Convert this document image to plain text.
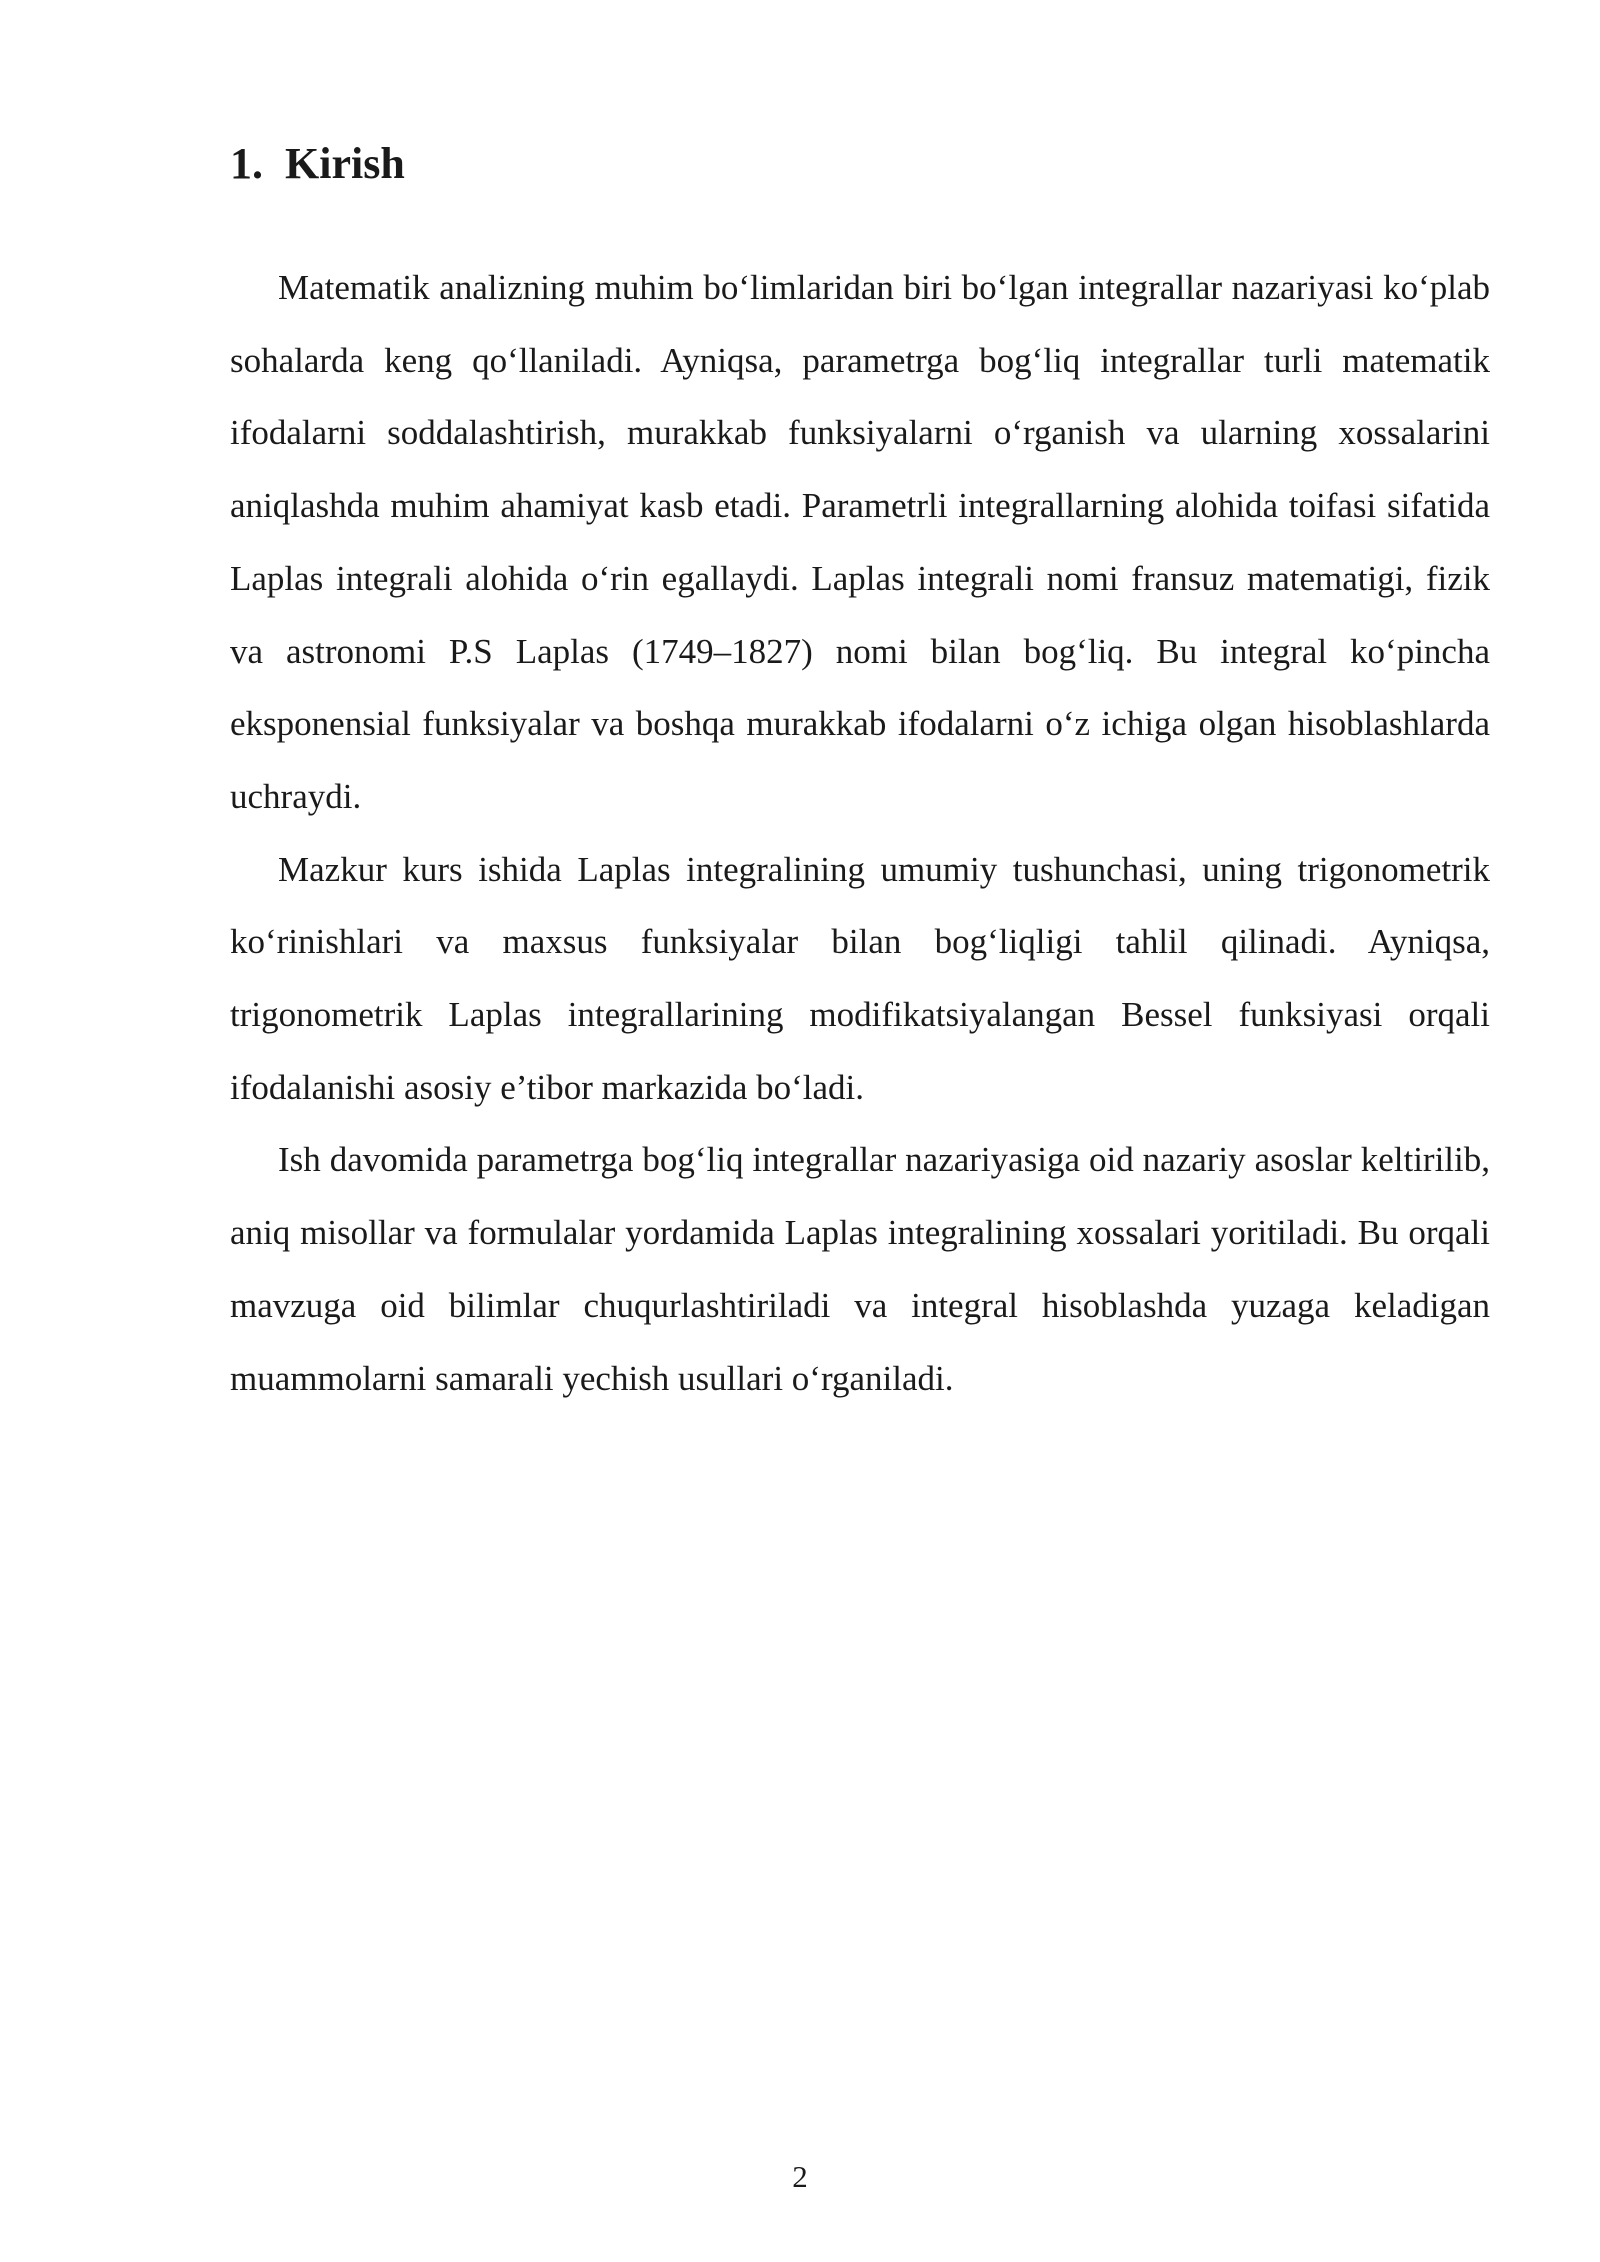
1. Kirish

Matematik analizning muhim bo‘limlaridan biri bo‘lgan integrallar nazariyasi ko‘plab sohalarda keng qo‘llaniladi. Ayniqsa, parametrga bog‘liq integrallar turli matematik ifodalarni soddalashtirish, murakkab funksiyalarni o‘rganish va ularning xossalarini aniqlashda muhim ahamiyat kasb etadi. Parametrli integrallarning alohida toifasi sifatida Laplas integrali alohida o‘rin egallaydi. Laplas integrali nomi fransuz matematigi, fizik va astronomi P.S Laplas (1749–1827) nomi bilan bog‘liq. Bu integral ko‘pincha eksponensial funksiyalar va boshqa murakkab ifodalarni o‘z ichiga olgan hisoblashlarda uchraydi.

Mazkur kurs ishida Laplas integralining umumiy tushunchasi, uning trigonometrik ko‘rinishlari va maxsus funksiyalar bilan bog‘liqligi tahlil qilinadi. Ayniqsa, trigonometrik Laplas integrallarining modifikatsiyalangan Bessel funksiyasi orqali ifodalanishi asosiy e’tibor markazida bo‘ladi.

Ish davomida parametrga bog‘liq integrallar nazariyasiga oid nazariy asoslar keltirilib, aniq misollar va formulalar yordamida Laplas integralining xossalari yoritiladi. Bu orqali mavzuga oid bilimlar chuqurlashtiriladi va integral hisoblashda yuzaga keladigan muammolarni samarali yechish usullari o‘rganiladi.

2
